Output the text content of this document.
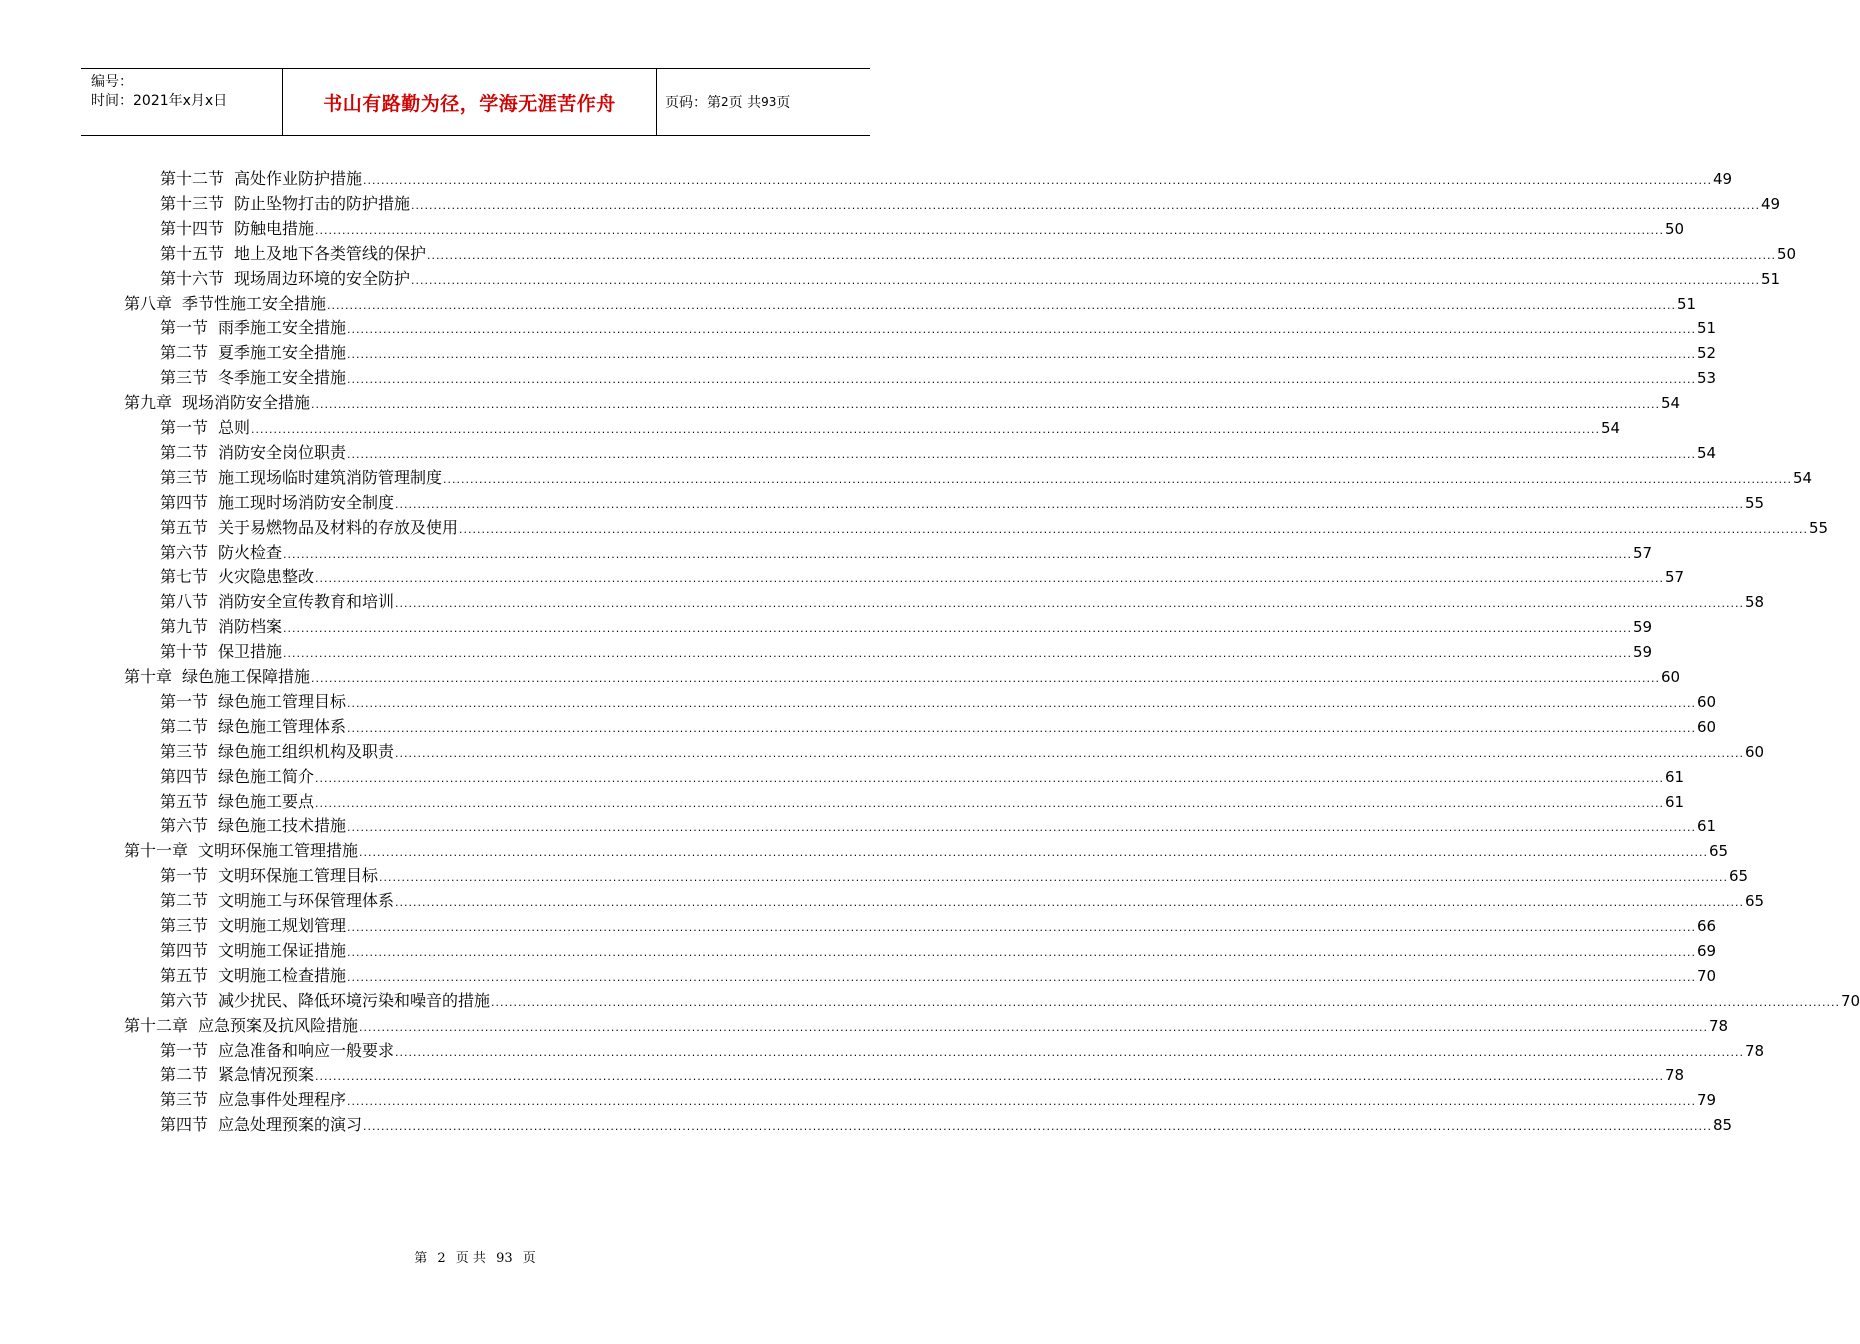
编号：
时间：2021年x月x日	书山有路勤为径，学海无涯苦作舟	页码：第 2 页 共 93 页
第十二节 高处作业防护措施 ............................................................................................................................................................................................................................................................................................................ 49
第十三节 防止坠物打击的防护措施 ............................................................................................................................................................................................................................................................................................................ 49
第十四节 防触电措施 ............................................................................................................................................................................................................................................................................................................ 50
第十五节 地上及地下各类管线的保护 ............................................................................................................................................................................................................................................................................................................ 50
第十六节 现场周边环境的安全防护 ............................................................................................................................................................................................................................................................................................................ 51
第八章 季节性施工安全措施 ............................................................................................................................................................................................................................................................................................................ 51
第一节 雨季施工安全措施 ............................................................................................................................................................................................................................................................................................................ 51
第二节 夏季施工安全措施 ............................................................................................................................................................................................................................................................................................................ 52
第三节 冬季施工安全措施 ............................................................................................................................................................................................................................................................................................................ 53
第九章 现场消防安全措施 ............................................................................................................................................................................................................................................................................................................ 54
第一节 总则 ............................................................................................................................................................................................................................................................................................................ 54
第二节 消防安全岗位职责 ............................................................................................................................................................................................................................................................................................................ 54
第三节 施工现场临时建筑消防管理制度 ............................................................................................................................................................................................................................................................................................................ 54
第四节 施工现时场消防安全制度 ............................................................................................................................................................................................................................................................................................................ 55
第五节 关于易燃物品及材料的存放及使用 ............................................................................................................................................................................................................................................................................................................ 55
第六节 防火检查 ............................................................................................................................................................................................................................................................................................................ 57
第七节 火灾隐患整改 ............................................................................................................................................................................................................................................................................................................ 57
第八节 消防安全宣传教育和培训 ............................................................................................................................................................................................................................................................................................................ 58
第九节 消防档案 ............................................................................................................................................................................................................................................................................................................ 59
第十节 保卫措施 ............................................................................................................................................................................................................................................................................................................ 59
第十章 绿色施工保障措施 ............................................................................................................................................................................................................................................................................................................ 60
第一节 绿色施工管理目标 ............................................................................................................................................................................................................................................................................................................ 60
第二节 绿色施工管理体系 ............................................................................................................................................................................................................................................................................................................ 60
第三节 绿色施工组织机构及职责 ............................................................................................................................................................................................................................................................................................................ 60
第四节 绿色施工简介 ............................................................................................................................................................................................................................................................................................................ 61
第五节 绿色施工要点 ............................................................................................................................................................................................................................................................................................................ 61
第六节 绿色施工技术措施 ............................................................................................................................................................................................................................................................................................................ 61
第十一章 文明环保施工管理措施 ............................................................................................................................................................................................................................................................................................................ 65
第一节 文明环保施工管理目标 ............................................................................................................................................................................................................................................................................................................ 65
第二节 文明施工与环保管理体系 ............................................................................................................................................................................................................................................................................................................ 65
第三节 文明施工规划管理 ............................................................................................................................................................................................................................................................................................................ 66
第四节 文明施工保证措施 ............................................................................................................................................................................................................................................................................................................ 69
第五节 文明施工检查措施 ............................................................................................................................................................................................................................................................................................................ 70
第六节 减少扰民、降低环境污染和噪音的措施 ............................................................................................................................................................................................................................................................................................................ 70
第十二章 应急预案及抗风险措施 ............................................................................................................................................................................................................................................................................................................ 78
第一节 应急准备和响应一般要求 ............................................................................................................................................................................................................................................................................................................ 78
第二节 紧急情况预案 ............................................................................................................................................................................................................................................................................................................ 78
第三节 应急事件处理程序 ............................................................................................................................................................................................................................................................................................................ 79
第四节 应急处理预案的演习 ............................................................................................................................................................................................................................................................................................................ 85
第 2 页 共 93 页
